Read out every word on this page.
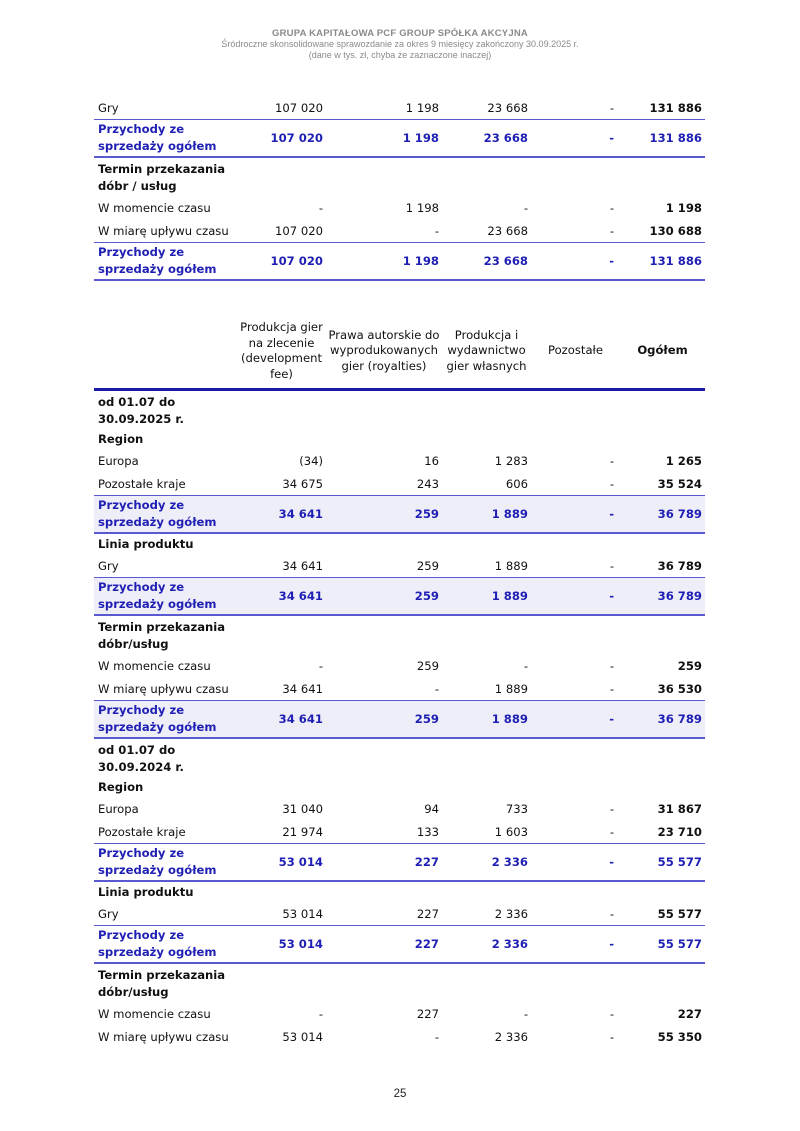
GRUPA KAPITAŁOWA PCF GROUP SPÓŁKA AKCYJNA
Śródroczne skonsolidowane sprawozdanie za okres 9 miesięcy zakończony 30.09.2025 r.
(dane w tys. zł, chyba że zaznaczone inaczej)
Gry	107 020	1 198	23 668	-	131 886
Przychody ze sprzedaży ogółem	107 020	1 198	23 668	-	131 886
Termin przekazania dóbr / usług					
W momencie czasu	-	1 198	-	-	1 198
W miarę upływu czasu	107 020	-	23 668	-	130 688
Przychody ze sprzedaży ogółem	107 020	1 198	23 668	-	131 886
	Produkcja gier na zlecenie (development fee)	Prawa autorskie do wyprodukowanych gier (royalties)	Produkcja i wydawnictwo gier własnych	Pozostałe	Ogółem
od 01.07 do 30.09.2025 r.					
Region					
Europa	(34)	16	1 283	-	1 265
Pozostałe kraje	34 675	243	606	-	35 524
Przychody ze sprzedaży ogółem	34 641	259	1 889	-	36 789
Linia produktu					
Gry	34 641	259	1 889	-	36 789
Przychody ze sprzedaży ogółem	34 641	259	1 889	-	36 789
Termin przekazania dóbr/usług					
W momencie czasu	-	259	-	-	259
W miarę upływu czasu	34 641	-	1 889	-	36 530
Przychody ze sprzedaży ogółem	34 641	259	1 889	-	36 789
od 01.07 do 30.09.2024 r.					
Region					
Europa	31 040	94	733	-	31 867
Pozostałe kraje	21 974	133	1 603	-	23 710
Przychody ze sprzedaży ogółem	53 014	227	2 336	-	55 577
Linia produktu					
Gry	53 014	227	2 336	-	55 577
Przychody ze sprzedaży ogółem	53 014	227	2 336	-	55 577
Termin przekazania dóbr/usług					
W momencie czasu	-	227	-	-	227
W miarę upływu czasu	53 014	-	2 336	-	55 350
25
